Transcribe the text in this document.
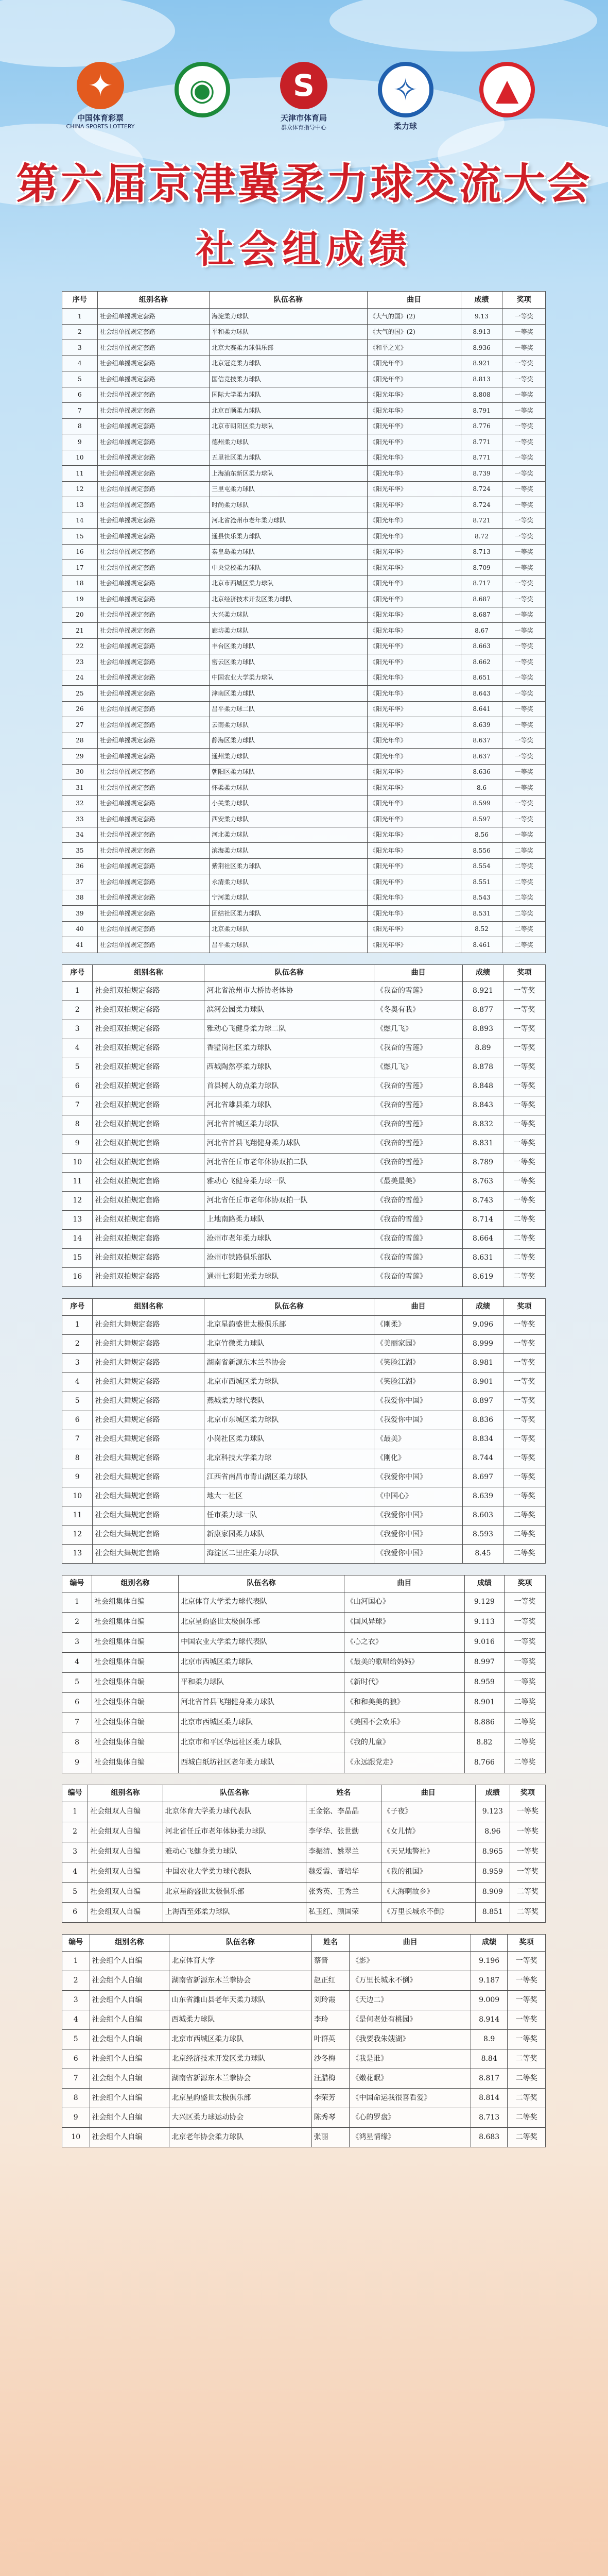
✦
中国体育彩票
CHINA SPORTS LOTTERY
◉	S
天津市体育局
群众体育指导中心
✧
柔力球
▲
第六届京津冀柔力球交流大会
社会组成绩
序号	组别名称	队伍名称	曲目	成绩	奖项
1	社会组单摇规定套路	海淀柔力球队	《大气的国》(2)	9.13	一等奖
2	社会组单摇规定套路	平和柔力球队	《大气的国》(2)	8.913	一等奖
3	社会组单摇规定套路	北京大赛柔力球俱乐部	《和平之光》	8.936	一等奖
4	社会组单摇规定套路	北京冠竞柔力球队	《阳光年华》	8.921	一等奖
5	社会组单摇规定套路	国信竞技柔力球队	《阳光年华》	8.813	一等奖
6	社会组单摇规定套路	国际大学柔力球队	《阳光年华》	8.808	一等奖
7	社会组单摇规定套路	北京百顺柔力球队	《阳光年华》	8.791	一等奖
8	社会组单摇规定套路	北京市朝阳区柔力球队	《阳光年华》	8.776	一等奖
9	社会组单摇规定套路	德州柔力球队	《阳光年华》	8.771	一等奖
10	社会组单摇规定套路	五里社区柔力球队	《阳光年华》	8.771	一等奖
11	社会组单摇规定套路	上海浦东新区柔力球队	《阳光年华》	8.739	一等奖
12	社会组单摇规定套路	三里屯柔力球队	《阳光年华》	8.724	一等奖
13	社会组单摇规定套路	时尚柔力球队	《阳光年华》	8.724	一等奖
14	社会组单摇规定套路	河北省沧州市老年柔力球队	《阳光年华》	8.721	一等奖
15	社会组单摇规定套路	通县快乐柔力球队	《阳光年华》	8.72	一等奖
16	社会组单摇规定套路	秦皇岛柔力球队	《阳光年华》	8.713	一等奖
17	社会组单摇规定套路	中央党校柔力球队	《阳光年华》	8.709	一等奖
18	社会组单摇规定套路	北京市西城区柔力球队	《阳光年华》	8.717	一等奖
19	社会组单摇规定套路	北京经济技术开发区柔力球队	《阳光年华》	8.687	一等奖
20	社会组单摇规定套路	大兴柔力球队	《阳光年华》	8.687	一等奖
21	社会组单摇规定套路	廊坊柔力球队	《阳光年华》	8.67	一等奖
22	社会组单摇规定套路	丰台区柔力球队	《阳光年华》	8.663	一等奖
23	社会组单摇规定套路	密云区柔力球队	《阳光年华》	8.662	一等奖
24	社会组单摇规定套路	中国农业大学柔力球队	《阳光年华》	8.651	一等奖
25	社会组单摇规定套路	津南区柔力球队	《阳光年华》	8.643	一等奖
26	社会组单摇规定套路	昌平柔力球二队	《阳光年华》	8.641	一等奖
27	社会组单摇规定套路	云南柔力球队	《阳光年华》	8.639	一等奖
28	社会组单摇规定套路	静海区柔力球队	《阳光年华》	8.637	一等奖
29	社会组单摇规定套路	通州柔力球队	《阳光年华》	8.637	一等奖
30	社会组单摇规定套路	朝阳区柔力球队	《阳光年华》	8.636	一等奖
31	社会组单摇规定套路	怀柔柔力球队	《阳光年华》	8.6	一等奖
32	社会组单摇规定套路	小关柔力球队	《阳光年华》	8.599	一等奖
33	社会组单摇规定套路	西安柔力球队	《阳光年华》	8.597	一等奖
34	社会组单摇规定套路	河北柔力球队	《阳光年华》	8.56	一等奖
35	社会组单摇规定套路	滨海柔力球队	《阳光年华》	8.556	二等奖
36	社会组单摇规定套路	紫荆社区柔力球队	《阳光年华》	8.554	二等奖
37	社会组单摇规定套路	永清柔力球队	《阳光年华》	8.551	二等奖
38	社会组单摇规定套路	宁河柔力球队	《阳光年华》	8.543	二等奖
39	社会组单摇规定套路	团结社区柔力球队	《阳光年华》	8.531	二等奖
40	社会组单摇规定套路	北京柔力球队	《阳光年华》	8.52	二等奖
41	社会组单摇规定套路	昌平柔力球队	《阳光年华》	8.461	二等奖
序号	组别名称	队伍名称	曲目	成绩	奖项
1	社会组双拍规定套路	河北省沧州市大桥协老体协	《我奋的雪莲》	8.921	一等奖
2	社会组双拍规定套路	滨河公园柔力球队	《冬奥有我》	8.877	一等奖
3	社会组双拍规定套路	雅动心飞健身柔力球二队	《燃几飞》	8.893	一等奖
4	社会组双拍规定套路	香墅岗社区柔力球队	《我奋的雪莲》	8.89	一等奖
5	社会组双拍规定套路	西城陶然亭柔力球队	《燃几飞》	8.878	一等奖
6	社会组双拍规定套路	首县树人幼点柔力球队	《我奋的雪莲》	8.848	一等奖
7	社会组双拍规定套路	河北省雄县柔力球队	《我奋的雪莲》	8.843	一等奖
8	社会组双拍规定套路	河北省首城区柔力球队	《我奋的雪莲》	8.832	一等奖
9	社会组双拍规定套路	河北省首县飞翔健身柔力球队	《我奋的雪莲》	8.831	一等奖
10	社会组双拍规定套路	河北省任丘市老年体协双拍二队	《我奋的雪莲》	8.789	一等奖
11	社会组双拍规定套路	雅动心飞健身柔力球一队	《最美最美》	8.763	一等奖
12	社会组双拍规定套路	河北省任丘市老年体协双拍一队	《我奋的雪莲》	8.743	一等奖
13	社会组双拍规定套路	上地南路柔力球队	《我奋的雪莲》	8.714	二等奖
14	社会组双拍规定套路	沧州市老年柔力球队	《我奋的雪莲》	8.664	二等奖
15	社会组双拍规定套路	沧州市铁路俱乐部队	《我奋的雪莲》	8.631	二等奖
16	社会组双拍规定套路	通州七彩阳光柔力球队	《我奋的雪莲》	8.619	二等奖
序号	组别名称	队伍名称	曲目	成绩	奖项
1	社会组大舞规定套路	北京星韵盛世太极俱乐部	《刚柔》	9.096	一等奖
2	社会组大舞规定套路	北京竹微柔力球队	《美丽家园》	8.999	一等奖
3	社会组大舞规定套路	湖南省新源东木兰拳协会	《笑脸江湖》	8.981	一等奖
4	社会组大舞规定套路	北京市西城区柔力球队	《笑脸江湖》	8.901	一等奖
5	社会组大舞规定套路	燕城柔力球代表队	《我爱你中国》	8.897	一等奖
6	社会组大舞规定套路	北京市东城区柔力球队	《我爱你中国》	8.836	一等奖
7	社会组大舞规定套路	小岗社区柔力球队	《最美》	8.834	一等奖
8	社会组大舞规定套路	北京科技大学柔力球	《刚化》	8.744	一等奖
9	社会组大舞规定套路	江西省南昌市青山湖区柔力球队	《我爱你中国》	8.697	一等奖
10	社会组大舞规定套路	地大一社区	《中国心》	8.639	一等奖
11	社会组大舞规定套路	任市柔力球一队	《我爱你中国》	8.603	二等奖
12	社会组大舞规定套路	新康家园柔力球队	《我爱你中国》	8.593	二等奖
13	社会组大舞规定套路	海淀区二里庄柔力球队	《我爱你中国》	8.45	二等奖
编号	组别名称	队伍名称	曲目	成绩	奖项
1	社会组集体自编	北京体育大学柔力球代表队	《山河国心》	9.129	一等奖
2	社会组集体自编	北京星韵盛世太极俱乐部	《国风异球》	9.113	一等奖
3	社会组集体自编	中国农业大学柔力球代表队	《心之衣》	9.016	一等奖
4	社会组集体自编	北京市西城区柔力球队	《最美的歌唱给妈妈》	8.997	一等奖
5	社会组集体自编	平和柔力球队	《新时代》	8.959	一等奖
6	社会组集体自编	河北省首县飞翔健身柔力球队	《和和美美的狼》	8.901	二等奖
7	社会组集体自编	北京市西城区柔力球队	《美国不会欢乐》	8.886	二等奖
8	社会组集体自编	北京市和平区华远社区柔力球队	《我的儿童》	8.82	二等奖
9	社会组集体自编	西城白纸坊社区老年柔力球队	《永远跟党走》	8.766	二等奖
编号	组别名称	队伍名称	姓名	曲目	成绩	奖项
1	社会组双人自编	北京体育大学柔力球代表队	王金铭、李晶晶	《子夜》	9.123	一等奖
2	社会组双人自编	河北省任丘市老年体协柔力球队	李学华、张世勤	《女儿情》	8.96	一等奖
3	社会组双人自编	雅动心飞健身柔力球队	李振清、姚翠兰	《天兄地警社》	8.965	一等奖
4	社会组双人自编	中国农业大学柔力球代表队	魏爱霞、晋培华	《我的祖国》	8.959	一等奖
5	社会组双人自编	北京星韵盛世太极俱乐部	张秀英、王秀兰	《大海啊故乡》	8.909	二等奖
6	社会组双人自编	上海西至郊柔力球队	私玉红、顾国荣	《万里长城永不倒》	8.851	二等奖
编号	组别名称	队伍名称	姓名	曲目	成绩	奖项
1	社会组个人自编	北京体育大学	蔡晋	《影》	9.196	一等奖
2	社会组个人自编	湖南省新源东木兰拳协会	赵正红	《万里长城永不倒》	9.187	一等奖
3	社会组个人自编	山东省潍山县老年天柔力球队	刘玲霞	《天边二》	9.009	一等奖
4	社会组个人自编	西城柔力球队	李玲	《是何老处有桃园》	8.914	一等奖
5	社会组个人自编	北京市西城区柔力球队	叶群英	《我要我朱嫂湖》	8.9	一等奖
6	社会组个人自编	北京经济技术开发区柔力球队	沙冬梅	《我是谁》	8.84	二等奖
7	社会组个人自编	湖南省新源东木兰拳协会	汪腊梅	《嫩花眠》	8.817	二等奖
8	社会组个人自编	北京星韵盛世太极俱乐部	李荣芳	《中国命运我很喜看爱》	8.814	二等奖
9	社会组个人自编	大兴区柔力球运动协会	陈秀琴	《心的罗盘》	8.713	二等奖
10	社会组个人自编	北京老年协会柔力球队	张丽	《鸿星情缘》	8.683	二等奖
